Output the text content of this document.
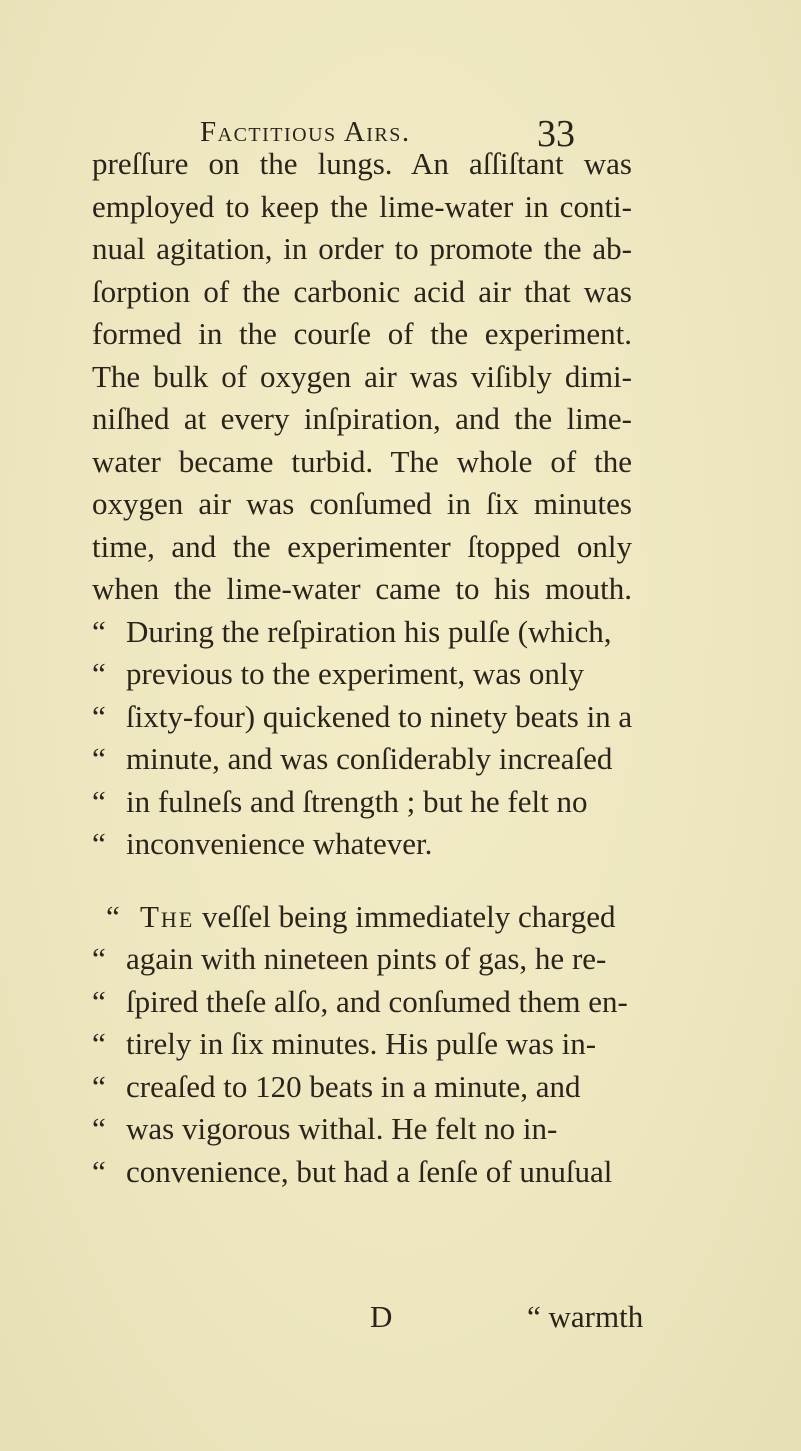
Factitious Airs.	33
preſſure on the lungs. An aſſiſtant was
employed to keep the lime-water in conti-
nual agitation, in order to promote the ab-
ſorption of the carbonic acid air that was
formed in the courſe of the experiment.
The bulk of oxygen air was viſibly dimi-
niſhed at every inſpiration, and the lime-
water became turbid. The whole of the
oxygen air was conſumed in ſix minutes
time, and the experimenter ſtopped only
when the lime-water came to his mouth.
“ During the reſpiration his pulſe (which,
“ previous to the experiment, was only
“ ſixty-four) quickened to ninety beats in a
“ minute, and was conſiderably increaſed
“ in fulneſs and ſtrength ; but he felt no
“ inconvenience whatever.
“ The veſſel being immediately charged
“ again with nineteen pints of gas, he re-
“ ſpired theſe alſo, and conſumed them en-
“ tirely in ſix minutes. His pulſe was in-
“ creaſed to 120 beats in a minute, and
“ was vigorous withal. He felt no in-
“ convenience, but had a ſenſe of unuſual
D	“ warmth
